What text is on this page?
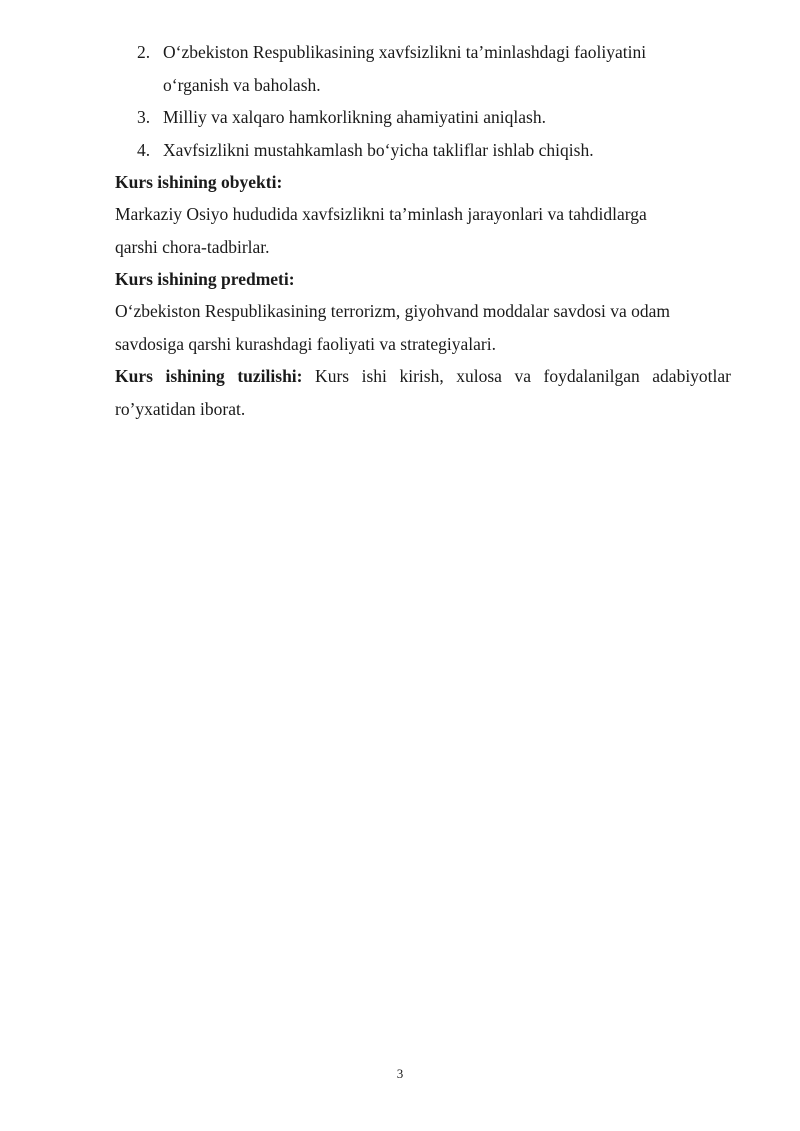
2. O‘zbekiston Respublikasining xavfsizlikni ta’minlashdagi faoliyatini
o‘rganish va baholash.
3. Milliy va xalqaro hamkorlikning ahamiyatini aniqlash.
4. Xavfsizlikni mustahkamlash bo‘yicha takliflar ishlab chiqish.
Kurs ishining obyekti:
Markaziy Osiyo hududida xavfsizlikni ta’minlash jarayonlari va tahdidlarga
qarshi chora-tadbirlar.
Kurs ishining predmeti:
O‘zbekiston Respublikasining terrorizm, giyohvand moddalar savdosi va odam
savdosiga qarshi kurashdagi faoliyati va strategiyalari.
Kurs ishining tuzilishi: Kurs ishi kirish, xulosa va foydalanilgan adabiyotlar
ro’yxatidan iborat.
3
